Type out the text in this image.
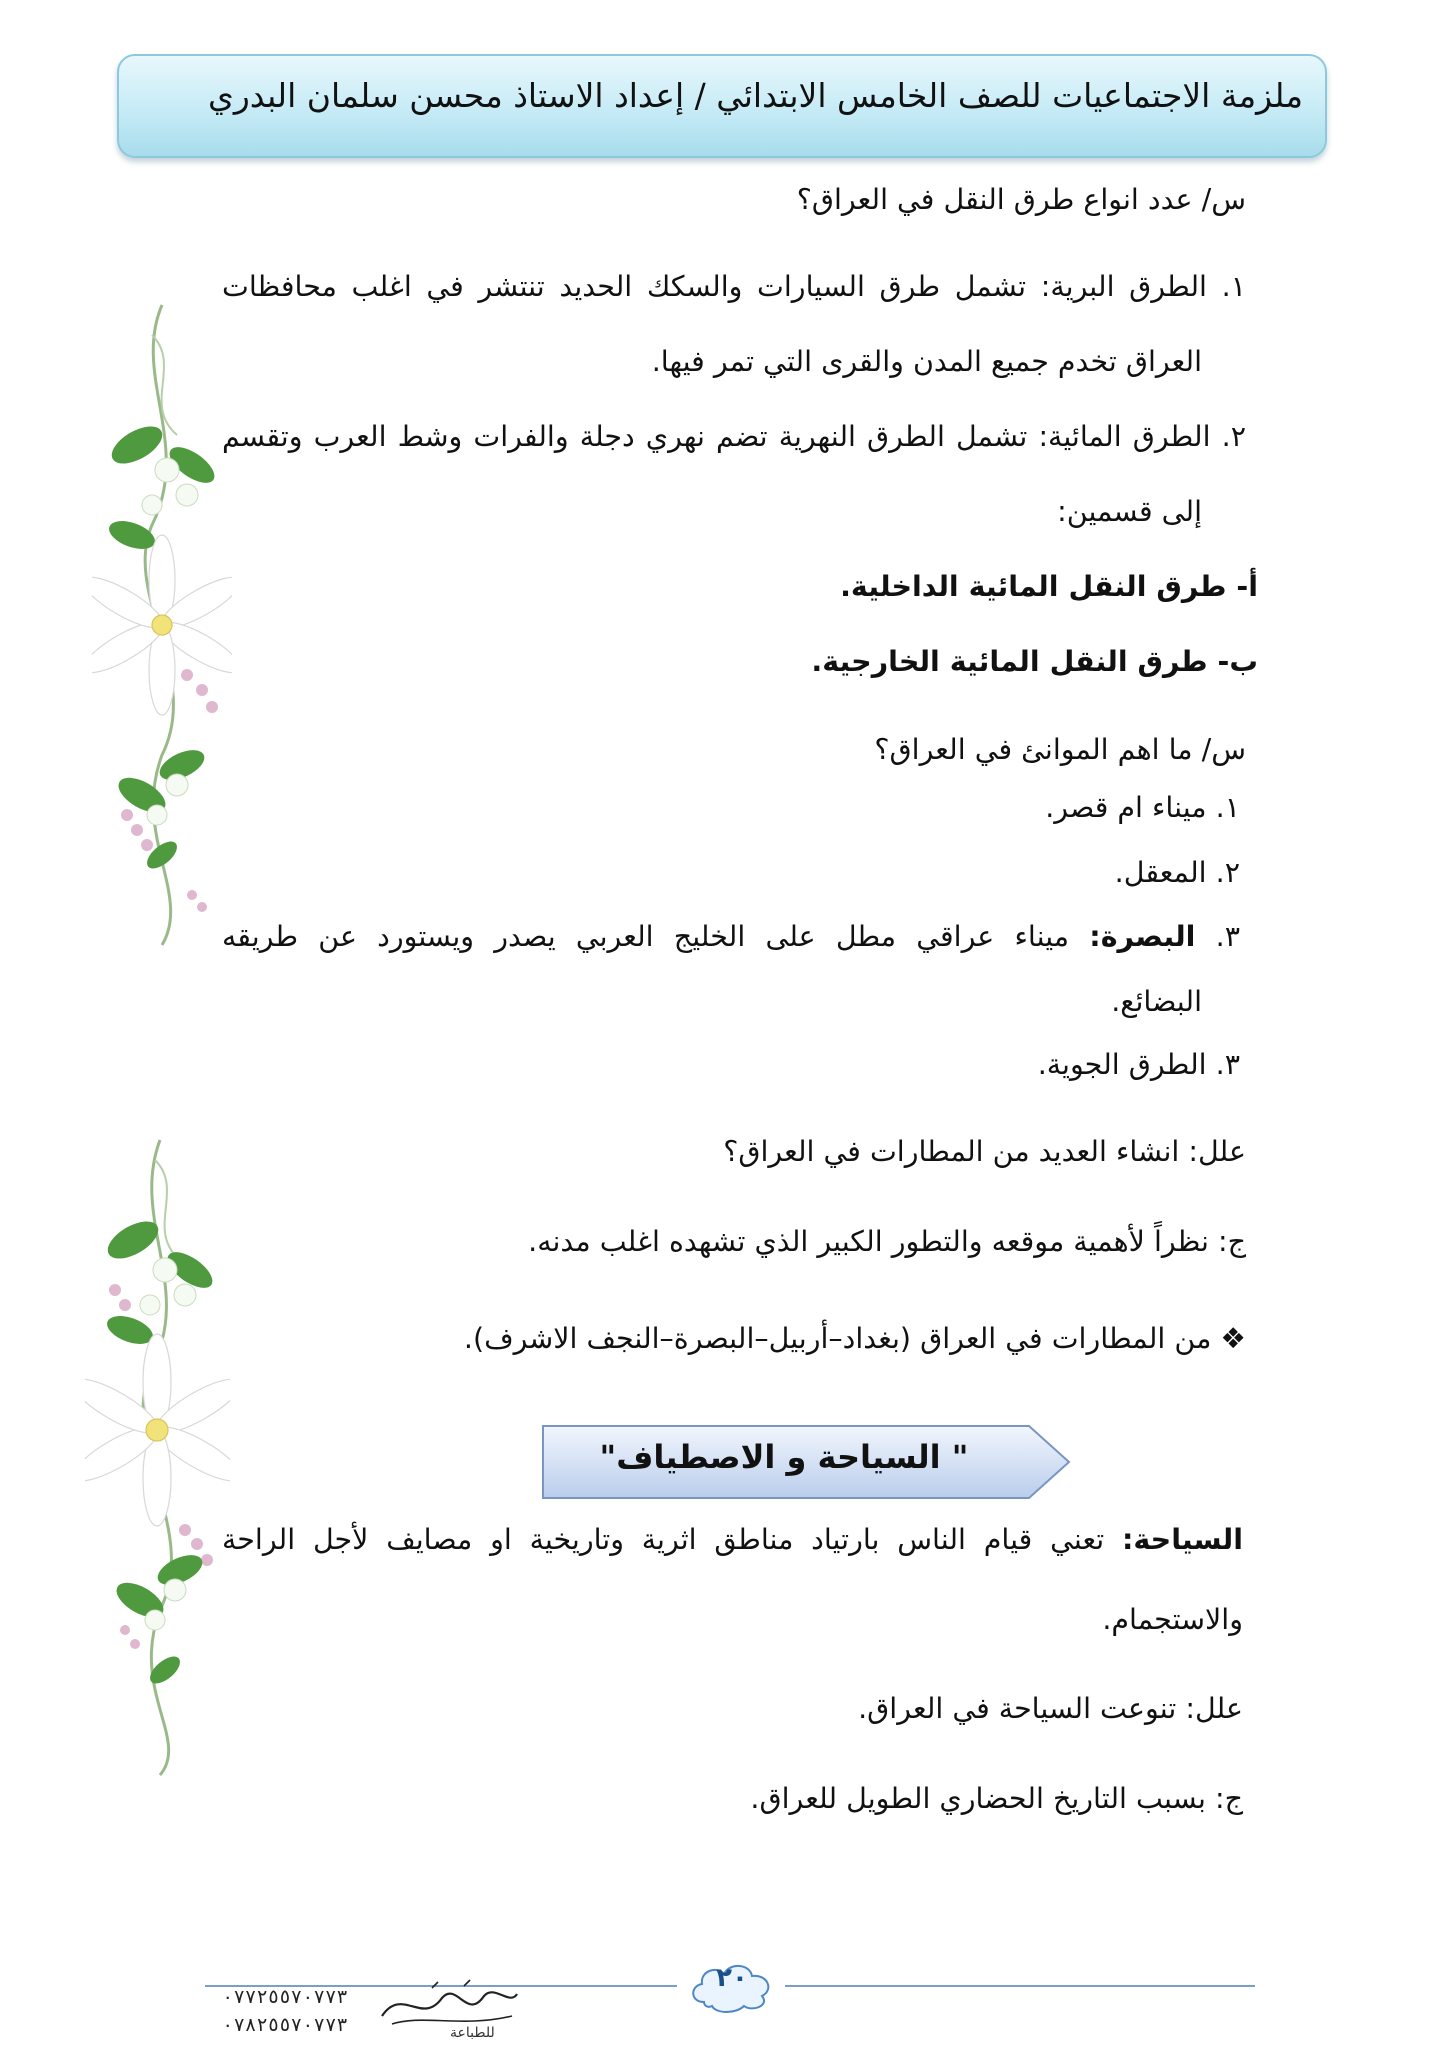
ملزمة الاجتماعيات للصف الخامس الابتدائي / إعداد الاستاذ محسن سلمان البدري
س/ عدد انواع طرق النقل في العراق؟
١. الطرق البرية: تشمل طرق السيارات والسكك الحديد تنتشر في اغلب محافظات
العراق تخدم جميع المدن والقرى التي تمر فيها.
٢. الطرق المائية: تشمل الطرق النهرية تضم نهري دجلة والفرات وشط العرب وتقسم
إلى قسمين:
أ‌- طرق النقل المائية الداخلية.
ب‌- طرق النقل المائية الخارجية.
س/ ما اهم الموانئ في العراق؟
١. ميناء ام قصر.
٢. المعقل.
٣. البصرة: ميناء عراقي مطل على الخليج العربي يصدر ويستورد عن طريقه
البضائع.
٣. الطرق الجوية.
علل: انشاء العديد من المطارات في العراق؟
ج: نظراً لأهمية موقعه والتطور الكبير الذي تشهده اغلب مدنه.
❖ من المطارات في العراق (بغداد–أربيل–البصرة–النجف الاشرف).
" السياحة و الاصطياف"
السياحة: تعني قيام الناس بارتياد مناطق اثرية وتاريخية او مصايف لأجل الراحة
والاستجمام.
علل: تنوعت السياحة في العراق.
ج: بسبب التاريخ الحضاري الطويل للعراق.
٢٠
٠٧٧٢٥٥٧٠٧٧٣
٠٧٨٢٥٥٧٠٧٧٣	للطباعة
